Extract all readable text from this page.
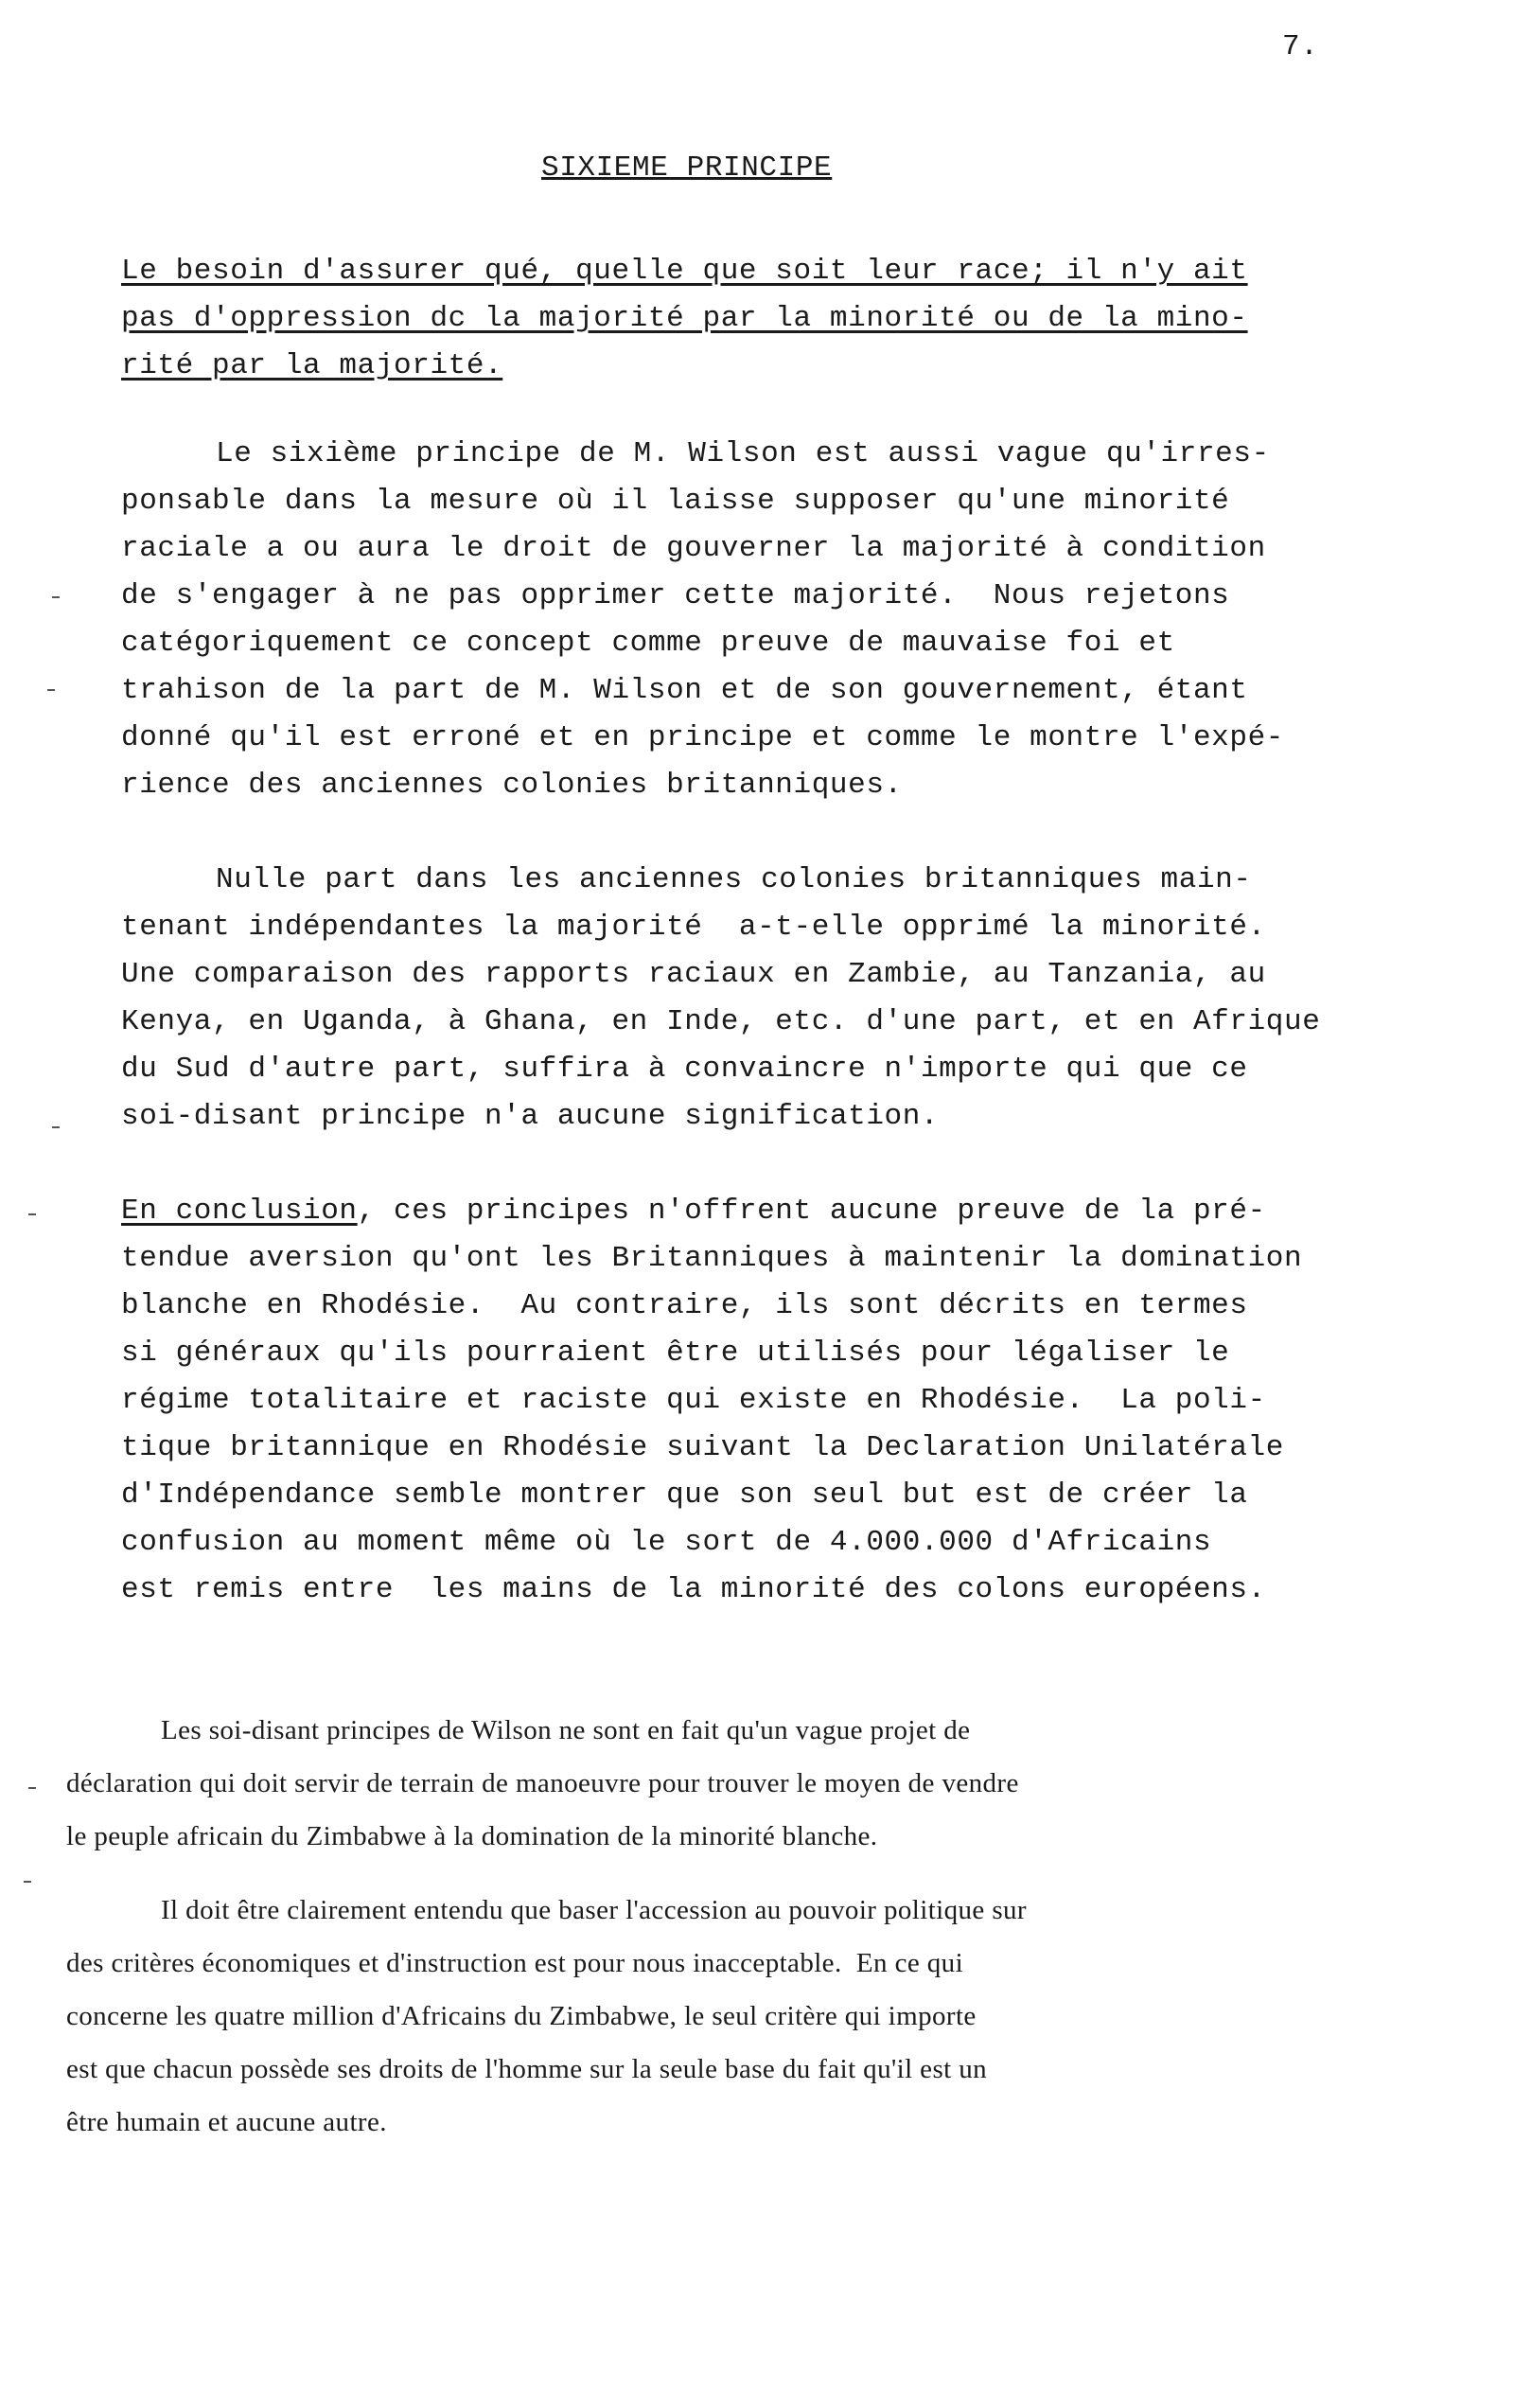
7.

SIXIEME PRINCIPE
Le besoin d'assurer qué, quelle que soit leur race; il n'y ait
pas d'oppression dc la majorité par la minorité ou de la mino-
rité par la majorité.
Le sixième principe de M. Wilson est aussi vague qu'irres-
ponsable dans la mesure où il laisse supposer qu'une minorité
raciale a ou aura le droit de gouverner la majorité à condition
de s'engager à ne pas opprimer cette majorité.  Nous rejetons
catégoriquement ce concept comme preuve de mauvaise foi et
trahison de la part de M. Wilson et de son gouvernement, étant
donné qu'il est erroné et en principe et comme le montre l'expé-
rience des anciennes colonies britanniques.
Nulle part dans les anciennes colonies britanniques main-
tenant indépendantes la majorité  a-t-elle opprimé la minorité.
Une comparaison des rapports raciaux en Zambie, au Tanzania, au
Kenya, en Uganda, à Ghana, en Inde, etc. d'une part, et en Afrique
du Sud d'autre part, suffira à convaincre n'importe qui que ce
soi-disant principe n'a aucune signification.
En conclusion, ces principes n'offrent aucune preuve de la pré-
tendue aversion qu'ont les Britanniques à maintenir la domination
blanche en Rhodésie.  Au contraire, ils sont décrits en termes
si généraux qu'ils pourraient être utilisés pour légaliser le
régime totalitaire et raciste qui existe en Rhodésie.  La poli-
tique britannique en Rhodésie suivant la Declaration Unilatérale
d'Indépendance semble montrer que son seul but est de créer la
confusion au moment même où le sort de 4.000.000 d'Africains
est remis entre  les mains de la minorité des colons européens.
Les soi-disant principes de Wilson ne sont en fait qu'un vague projet de
déclaration qui doit servir de terrain de manoeuvre pour trouver le moyen de vendre
le peuple africain du Zimbabwe à la domination de la minorité blanche.
Il doit être clairement entendu que baser l'accession au pouvoir politique sur
des critères économiques et d'instruction est pour nous inacceptable.  En ce qui
concerne les quatre million d'Africains du Zimbabwe, le seul critère qui importe
est que chacun possède ses droits de l'homme sur la seule base du fait qu'il est un
être humain et aucune autre.
